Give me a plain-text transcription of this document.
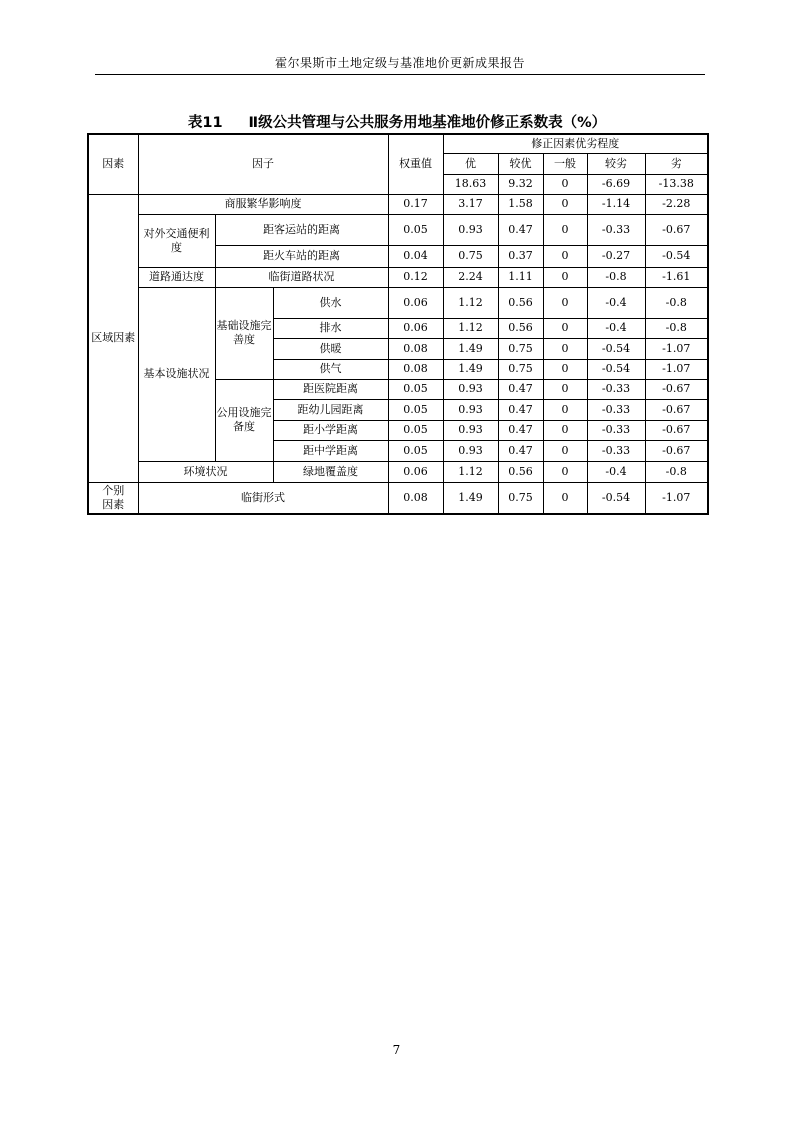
霍尔果斯市土地定级与基准地价更新成果报告
表11 Ⅱ级公共管理与公共服务用地基准地价修正系数表（%）
因素	因子			权重值	修正因素优劣程度				
					优	较优	一般	较劣	劣
					18.63	9.32	0	-6.69	-13.38
区域因素	商服繁华影响度			0.17	3.17	1.58	0	-1.14	-2.28
	对外交通便利度	距客运站的距离		0.05	0.93	0.47	0	-0.33	-0.67
		距火车站的距离		0.04	0.75	0.37	0	-0.27	-0.54
	道路通达度	临街道路状况		0.12	2.24	1.11	0	-0.8	-1.61
	基本设施状况	基础设施完善度	供水	0.06	1.12	0.56	0	-0.4	-0.8
			排水	0.06	1.12	0.56	0	-0.4	-0.8
			供暖	0.08	1.49	0.75	0	-0.54	-1.07
			供气	0.08	1.49	0.75	0	-0.54	-1.07
		公用设施完备度	距医院距离	0.05	0.93	0.47	0	-0.33	-0.67
			距幼儿园距离	0.05	0.93	0.47	0	-0.33	-0.67
			距小学距离	0.05	0.93	0.47	0	-0.33	-0.67
			距中学距离	0.05	0.93	0.47	0	-0.33	-0.67
	环境状况		绿地覆盖度	0.06	1.12	0.56	0	-0.4	-0.8
个别
因素	临街形式			0.08	1.49	0.75	0	-0.54	-1.07
7
